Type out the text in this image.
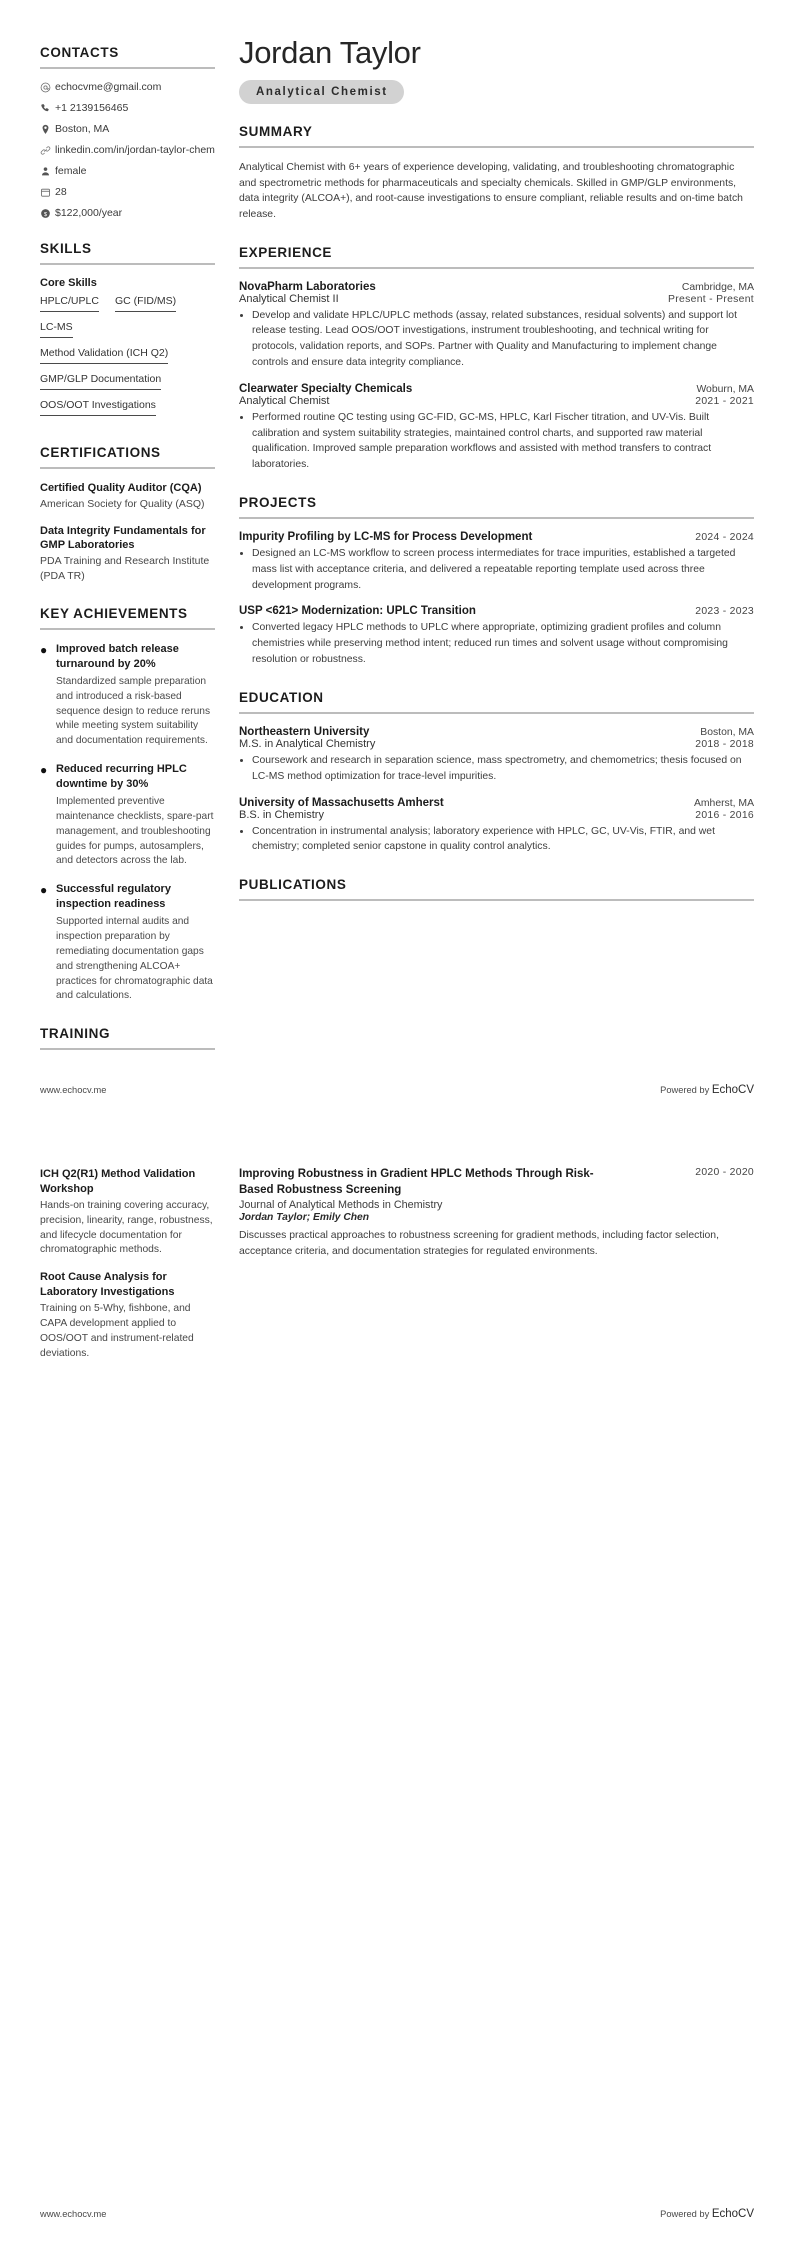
CONTACTS
echocvme@gmail.com
+1 2139156465
Boston, MA
linkedin.com/in/jordan-taylor-chem
female
28
$ $122,000/year
SKILLS
Core Skills
HPLC/UPLC GC (FID/MS)
LC-MS
Method Validation (ICH Q2)
GMP/GLP Documentation
OOS/OOT Investigations
CERTIFICATIONS
Certified Quality Auditor (CQA)
American Society for Quality (ASQ)
Data Integrity Fundamentals for GMP Laboratories
PDA Training and Research Institute (PDA TR)
KEY ACHIEVEMENTS
● Improved batch release turnaround by 20%
Standardized sample preparation and introduced a risk-based sequence design to reduce reruns while meeting system suitability and documentation requirements.
● Reduced recurring HPLC downtime by 30%
Implemented preventive maintenance checklists, spare-part management, and troubleshooting guides for pumps, autosamplers, and detectors across the lab.
● Successful regulatory inspection readiness
Supported internal audits and inspection preparation by remediating documentation gaps and strengthening ALCOA+ practices for chromatographic data and calculations.
TRAINING
Jordan Taylor
Analytical Chemist
SUMMARY
Analytical Chemist with 6+ years of experience developing, validating, and troubleshooting chromatographic and spectrometric methods for pharmaceuticals and specialty chemicals. Skilled in GMP/GLP environments, data integrity (ALCOA+), and root-cause investigations to ensure compliant, reliable results and on-time batch release.
EXPERIENCE
NovaPharm Laboratories	Cambridge, MA
Analytical Chemist II	Present - Present
• Develop and validate HPLC/UPLC methods (assay, related substances, residual solvents) and support lot release testing. Lead OOS/OOT investigations, instrument troubleshooting, and technical writing for protocols, validation reports, and SOPs. Partner with Quality and Manufacturing to implement change controls and ensure data integrity compliance.
Clearwater Specialty Chemicals	Woburn, MA
Analytical Chemist	2021 - 2021
• Performed routine QC testing using GC-FID, GC-MS, HPLC, Karl Fischer titration, and UV-Vis. Built calibration and system suitability strategies, maintained control charts, and supported raw material qualification. Improved sample preparation workflows and assisted with method transfers to contract laboratories.
PROJECTS
Impurity Profiling by LC-MS for Process Development	2024 - 2024
• Designed an LC-MS workflow to screen process intermediates for trace impurities, established a targeted mass list with acceptance criteria, and delivered a repeatable reporting template used across three development programs.
USP <621> Modernization: UPLC Transition	2023 - 2023
• Converted legacy HPLC methods to UPLC where appropriate, optimizing gradient profiles and column chemistries while preserving method intent; reduced run times and solvent usage without compromising resolution or robustness.
EDUCATION
Northeastern University	Boston, MA
M.S. in Analytical Chemistry	2018 - 2018
• Coursework and research in separation science, mass spectrometry, and chemometrics; thesis focused on LC-MS method optimization for trace-level impurities.
University of Massachusetts Amherst	Amherst, MA
B.S. in Chemistry	2016 - 2016
• Concentration in instrumental analysis; laboratory experience with HPLC, GC, UV-Vis, FTIR, and wet chemistry; completed senior capstone in quality control analytics.
PUBLICATIONS
www.echocv.me	Powered by EchoCV
ICH Q2(R1) Method Validation Workshop
Hands-on training covering accuracy, precision, linearity, range, robustness, and lifecycle documentation for chromatographic methods.
Root Cause Analysis for Laboratory Investigations
Training on 5-Why, fishbone, and CAPA development applied to OOS/OOT and instrument-related deviations.
Improving Robustness in Gradient HPLC Methods Through Risk-Based Robustness Screening
2020 - 2020
Journal of Analytical Methods in Chemistry
Jordan Taylor; Emily Chen
Discusses practical approaches to robustness screening for gradient methods, including factor selection, acceptance criteria, and documentation strategies for regulated environments.
www.echocv.me	Powered by EchoCV
